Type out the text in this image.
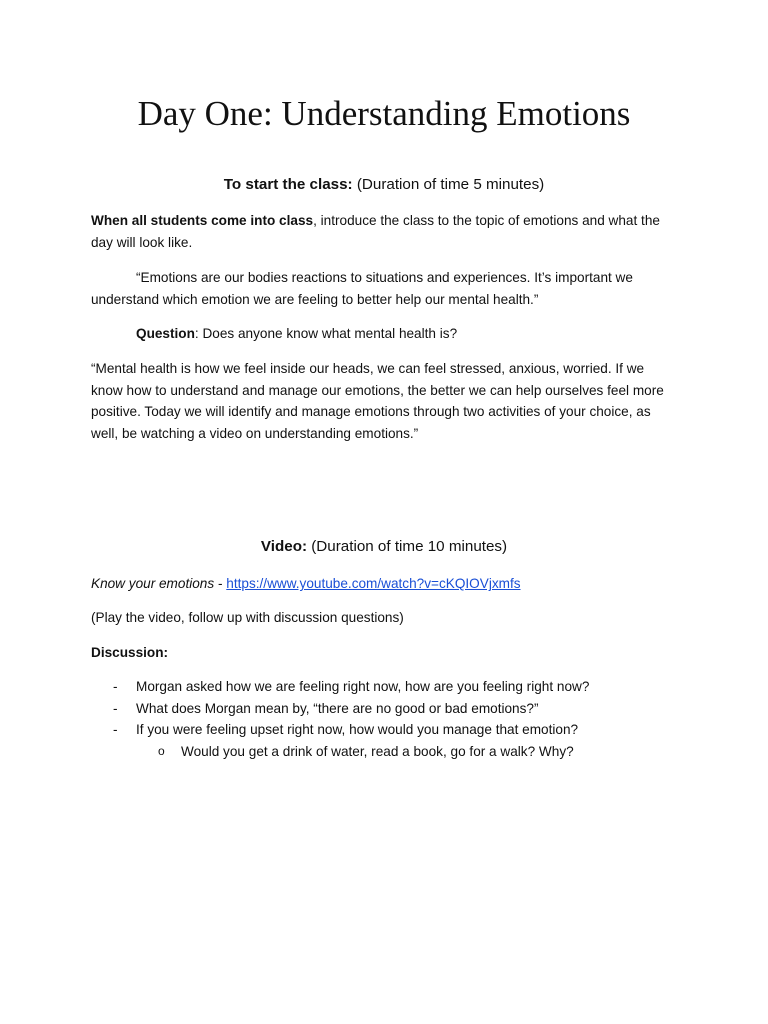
Day One: Understanding Emotions

To start the class: (Duration of time 5 minutes)

When all students come into class, introduce the class to the topic of emotions and what the day will look like.

“Emotions are our bodies reactions to situations and experiences. It’s important we understand which emotion we are feeling to better help our mental health.”

Question: Does anyone know what mental health is?

“Mental health is how we feel inside our heads, we can feel stressed, anxious, worried. If we know how to understand and manage our emotions, the better we can help ourselves feel more positive. Today we will identify and manage emotions through two activities of your choice, as well, be watching a video on understanding emotions.”

Video: (Duration of time 10 minutes)

Know your emotions - https://www.youtube.com/watch?v=cKQIOVjxmfs

(Play the video, follow up with discussion questions)

Discussion:

- Morgan asked how we are feeling right now, how are you feeling right now?
- What does Morgan mean by, “there are no good or bad emotions?”
- If you were feeling upset right now, how would you manage that emotion?
o Would you get a drink of water, read a book, go for a walk? Why?
